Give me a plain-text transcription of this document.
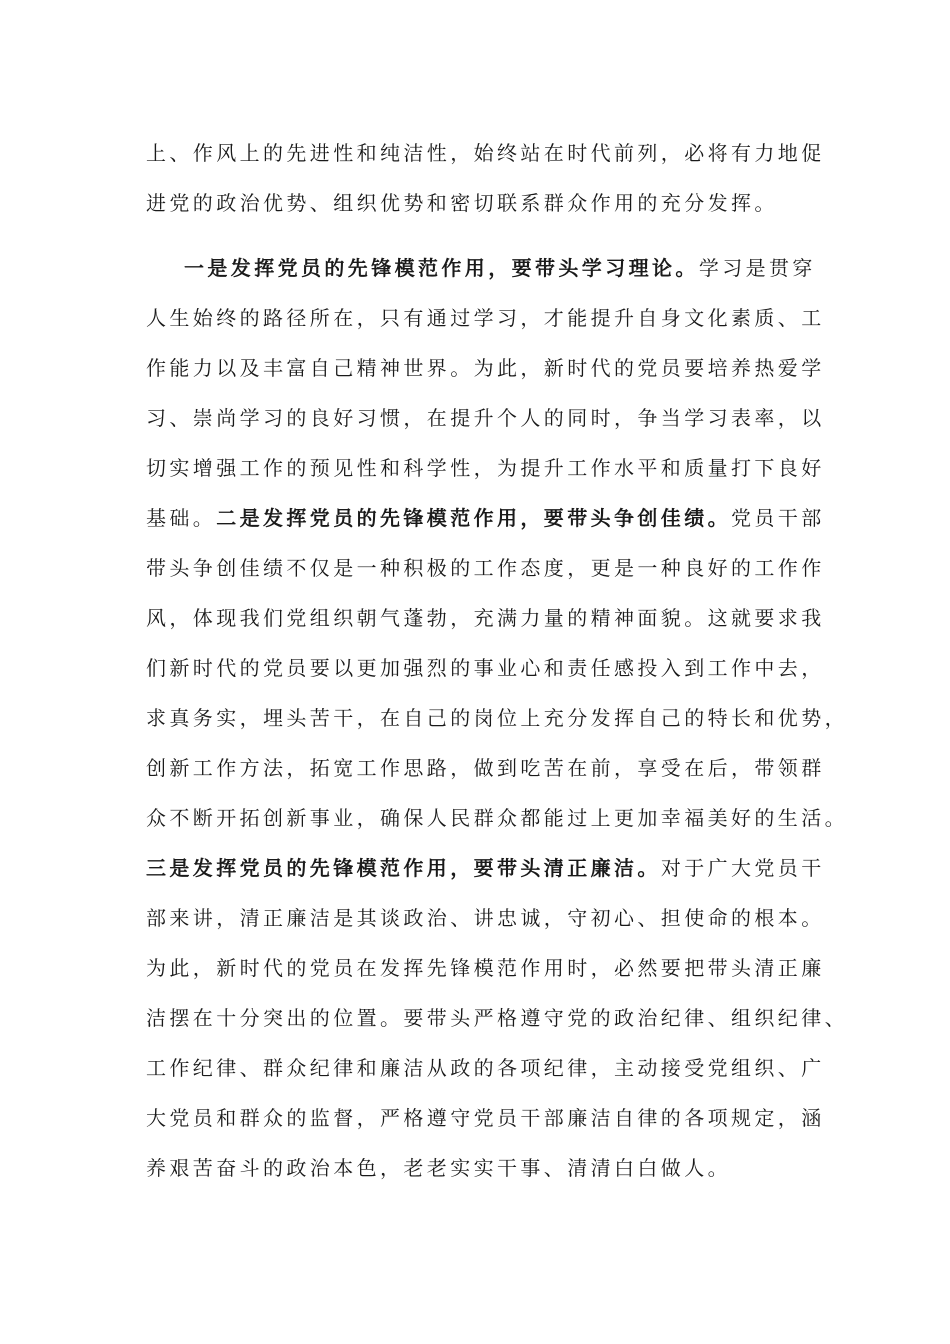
上、作风上的先进性和纯洁性，始终站在时代前列，必将有力地促
进党的政治优势、组织优势和密切联系群众作用的充分发挥。
一是发挥党员的先锋模范作用，要带头学习理论。学习是贯穿
人生始终的路径所在，只有通过学习，才能提升自身文化素质、工
作能力以及丰富自己精神世界。为此，新时代的党员要培养热爱学
习、崇尚学习的良好习惯，在提升个人的同时，争当学习表率，以
切实增强工作的预见性和科学性，为提升工作水平和质量打下良好
基础。二是发挥党员的先锋模范作用，要带头争创佳绩。党员干部
带头争创佳绩不仅是一种积极的工作态度，更是一种良好的工作作
风，体现我们党组织朝气蓬勃，充满力量的精神面貌。这就要求我
们新时代的党员要以更加强烈的事业心和责任感投入到工作中去，
求真务实，埋头苦干，在自己的岗位上充分发挥自己的特长和优势，
创新工作方法，拓宽工作思路，做到吃苦在前，享受在后，带领群
众不断开拓创新事业，确保人民群众都能过上更加幸福美好的生活。
三是发挥党员的先锋模范作用，要带头清正廉洁。对于广大党员干
部来讲，清正廉洁是其谈政治、讲忠诚，守初心、担使命的根本。
为此，新时代的党员在发挥先锋模范作用时，必然要把带头清正廉
洁摆在十分突出的位置。要带头严格遵守党的政治纪律、组织纪律、
工作纪律、群众纪律和廉洁从政的各项纪律，主动接受党组织、广
大党员和群众的监督，严格遵守党员干部廉洁自律的各项规定，涵
养艰苦奋斗的政治本色，老老实实干事、清清白白做人。
